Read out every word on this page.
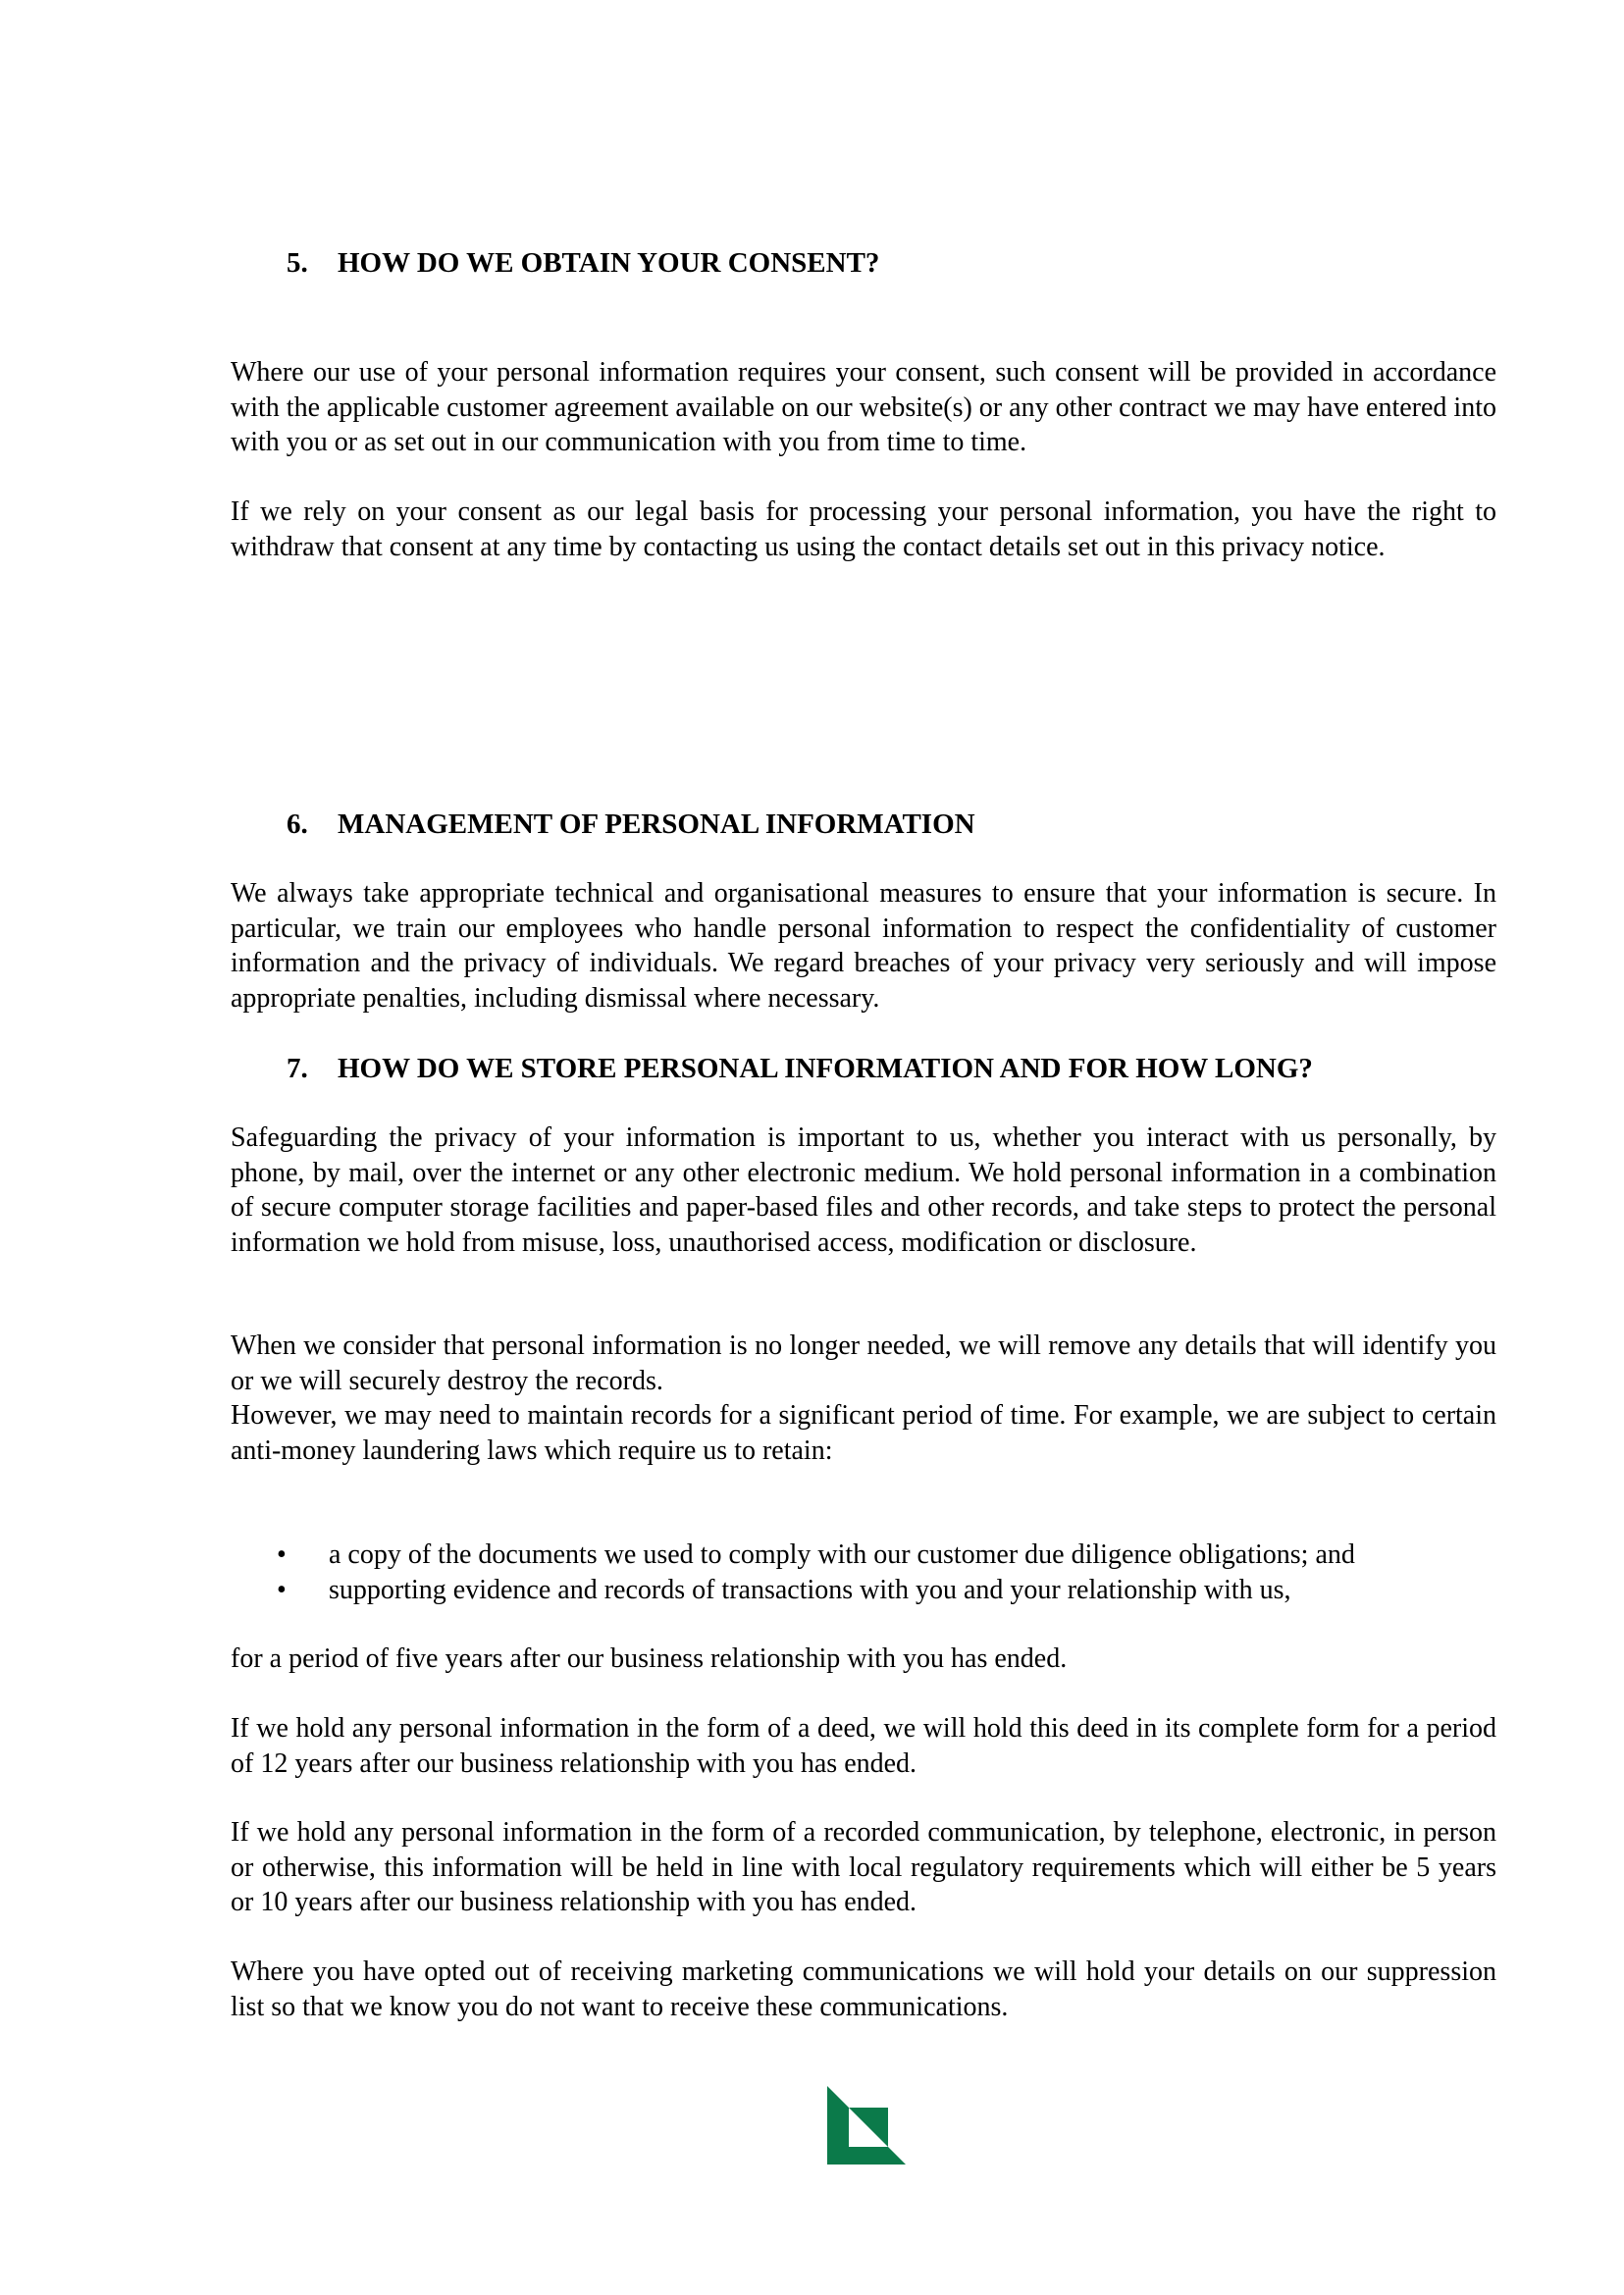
5. HOW DO WE OBTAIN YOUR CONSENT?

Where our use of your personal information requires your consent, such consent will be provided in accordance with the applicable customer agreement available on our website(s) or any other contract we may have entered into with you or as set out in our communication with you from time to time.

If we rely on your consent as our legal basis for processing your personal information, you have the right to withdraw that consent at any time by contacting us using the contact details set out in this privacy notice.

6. MANAGEMENT OF PERSONAL INFORMATION

We always take appropriate technical and organisational measures to ensure that your information is secure. In particular, we train our employees who handle personal information to respect the confidentiality of customer information and the privacy of individuals. We regard breaches of your privacy very seriously and will impose appropriate penalties, including dismissal where necessary.

7. HOW DO WE STORE PERSONAL INFORMATION AND FOR HOW LONG?

Safeguarding the privacy of your information is important to us, whether you interact with us personally, by phone, by mail, over the internet or any other electronic medium. We hold personal information in a combination of secure computer storage facilities and paper-based files and other records, and take steps to protect the personal information we hold from misuse, loss, unauthorised access, modification or disclosure.

When we consider that personal information is no longer needed, we will remove any details that will identify you or we will securely destroy the records.

However, we may need to maintain records for a significant period of time. For example, we are subject to certain anti-money laundering laws which require us to retain:

• a copy of the documents we used to comply with our customer due diligence obligations; and
• supporting evidence and records of transactions with you and your relationship with us,

for a period of five years after our business relationship with you has ended.

If we hold any personal information in the form of a deed, we will hold this deed in its complete form for a period of 12 years after our business relationship with you has ended.

If we hold any personal information in the form of a recorded communication, by telephone, electronic, in person or otherwise, this information will be held in line with local regulatory requirements which will either be 5 years or 10 years after our business relationship with you has ended.

Where you have opted out of receiving marketing communications we will hold your details on our suppression list so that we know you do not want to receive these communications.
